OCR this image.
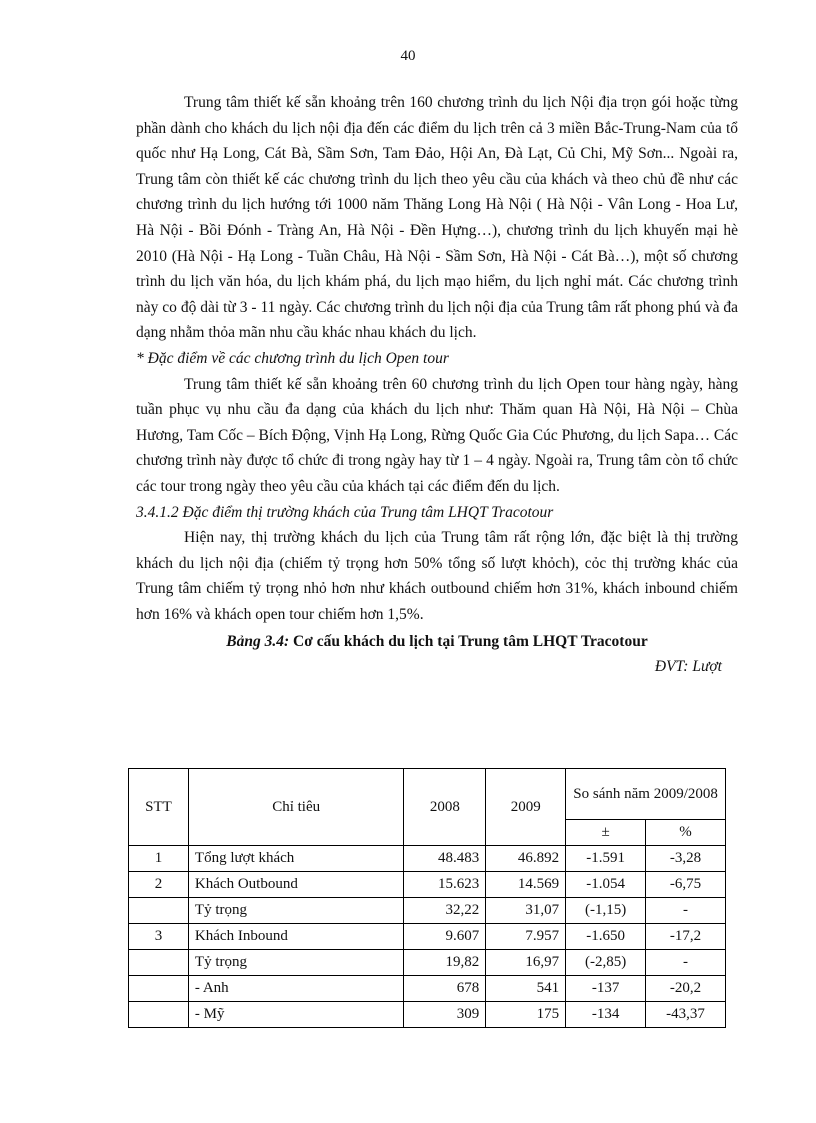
40

Trung tâm thiết kế sẵn khoảng trên 160 chương trình du lịch Nội địa trọn gói hoặc từng phần dành cho khách du lịch nội địa đến các điểm du lịch trên cả 3 miền Bắc-Trung-Nam của tổ quốc như Hạ Long, Cát Bà, Sầm Sơn, Tam Đảo, Hội An, Đà Lạt, Củ Chi, Mỹ Sơn... Ngoài ra, Trung tâm còn thiết kế các chương trình du lịch theo yêu cầu của khách và theo chủ đề như các chương trình du lịch hướng tới 1000 năm Thăng Long Hà Nội ( Hà Nội - Vân Long - Hoa Lư, Hà Nội - Bồi Đónh - Tràng An, Hà Nội - Đền Hựng…), chương trình du lịch khuyến mại hè 2010 (Hà Nội - Hạ Long - Tuần Châu, Hà Nội - Sầm Sơn, Hà Nội - Cát Bà…), một số chương trình du lịch văn hóa, du lịch khám phá, du lịch mạo hiểm, du lịch nghỉ mát. Các chương trình này co độ dài từ 3 - 11 ngày. Các chương trình du lịch nội địa của Trung tâm rất phong phú và đa dạng nhằm thỏa mãn nhu cầu khác nhau khách du lịch.

* Đặc điểm về các chương trình du lịch Open tour

Trung tâm thiết kế sẵn khoảng trên 60 chương trình du lịch Open tour hàng ngày, hàng tuần phục vụ nhu cầu đa dạng của khách du lịch như: Thăm quan Hà Nội, Hà Nội – Chùa Hương, Tam Cốc – Bích Động, Vịnh Hạ Long, Rừng Quốc Gia Cúc Phương, du lịch Sapa… Các chương trình này được tổ chức đi trong ngày hay từ 1 – 4 ngày. Ngoài ra, Trung tâm còn tổ chức các tour trong ngày theo yêu cầu của khách tại các điểm đến du lịch.

3.4.1.2 Đặc điểm thị trường khách của Trung tâm LHQT Tracotour

Hiện nay, thị trường khách du lịch của Trung tâm rất rộng lớn, đặc biệt là thị trường khách du lịch nội địa (chiếm tỷ trọng hơn 50% tổng số lượt khỏch), cỏc thị trường khác của Trung tâm chiếm tỷ trọng nhỏ hơn như khách outbound chiếm hơn 31%, khách inbound chiếm hơn 16% và khách open tour chiếm hơn 1,5%.

Bảng 3.4: Cơ cấu khách du lịch tại Trung tâm LHQT Tracotour
ĐVT: Lượt
STT	Chỉ tiêu	2008	2009	So sánh năm 2009/2008	
				±	%
1	Tổng lượt khách	48.483	46.892	-1.591	-3,28
2	Khách Outbound	15.623	14.569	-1.054	-6,75
	Tỷ trọng	32,22	31,07	(-1,15)	-
3	Khách Inbound	9.607	7.957	-1.650	-17,2
	Tỷ trọng	19,82	16,97	(-2,85)	-
	- Anh	678	541	-137	-20,2
	- Mỹ	309	175	-134	-43,37
